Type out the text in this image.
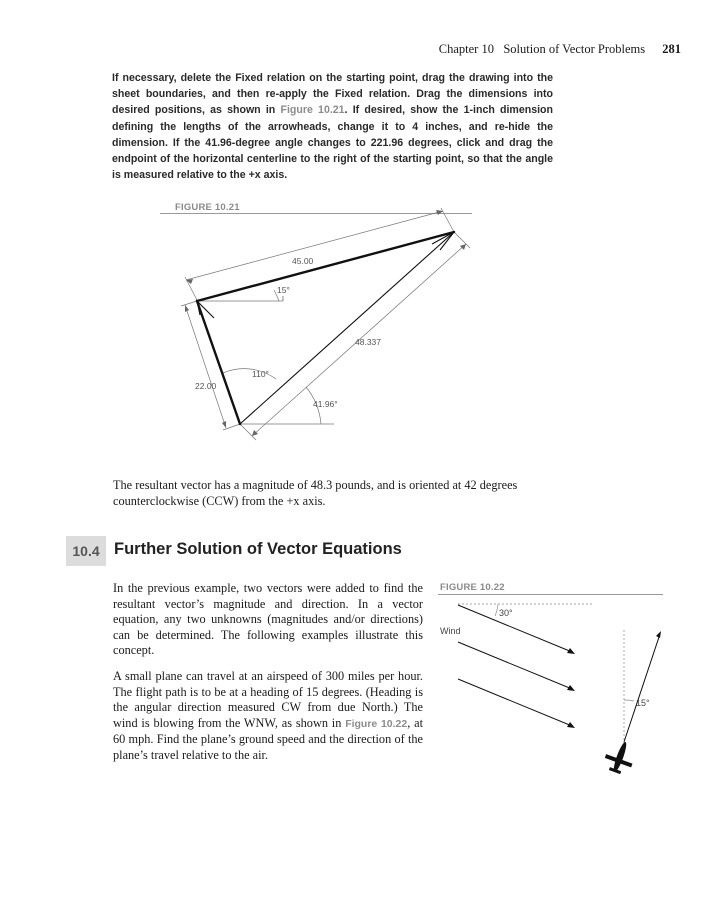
Chapter 10 Solution of Vector Problems 281
If necessary, delete the Fixed relation on the starting point, drag the drawing into the sheet boundaries, and then re-apply the Fixed relation. Drag the dimensions into desired positions, as shown in Figure 10.21. If desired, show the 1-inch dimension defining the lengths of the arrowheads, change it to 4 inches, and re-hide the dimension. If the 41.96-degree angle changes to 221.96 degrees, click and drag the endpoint of the horizontal centerline to the right of the starting point, so that the angle is measured relative to the +x axis.
FIGURE 10.21
45.00
15°
48.337
110°
22.00
41.96°
The resultant vector has a magnitude of 48.3 pounds, and is oriented at 42 degrees counterclockwise (CCW) from the +x axis.
10.4 Further Solution of Vector Equations
In the previous example, two vectors were added to find the resultant vector’s magnitude and direction. In a vector equation, any two unknowns (magnitudes and/or directions) can be determined. The following examples illustrate this concept.
A small plane can travel at an airspeed of 300 miles per hour. The flight path is to be at a heading of 15 degrees. (Heading is the angular direction measured CW from due North.) The wind is blowing from the WNW, as shown in Figure 10.22, at 60 mph. Find the plane’s ground speed and the direction of the plane’s travel relative to the air.
FIGURE 10.22
30°
Wind
15°
